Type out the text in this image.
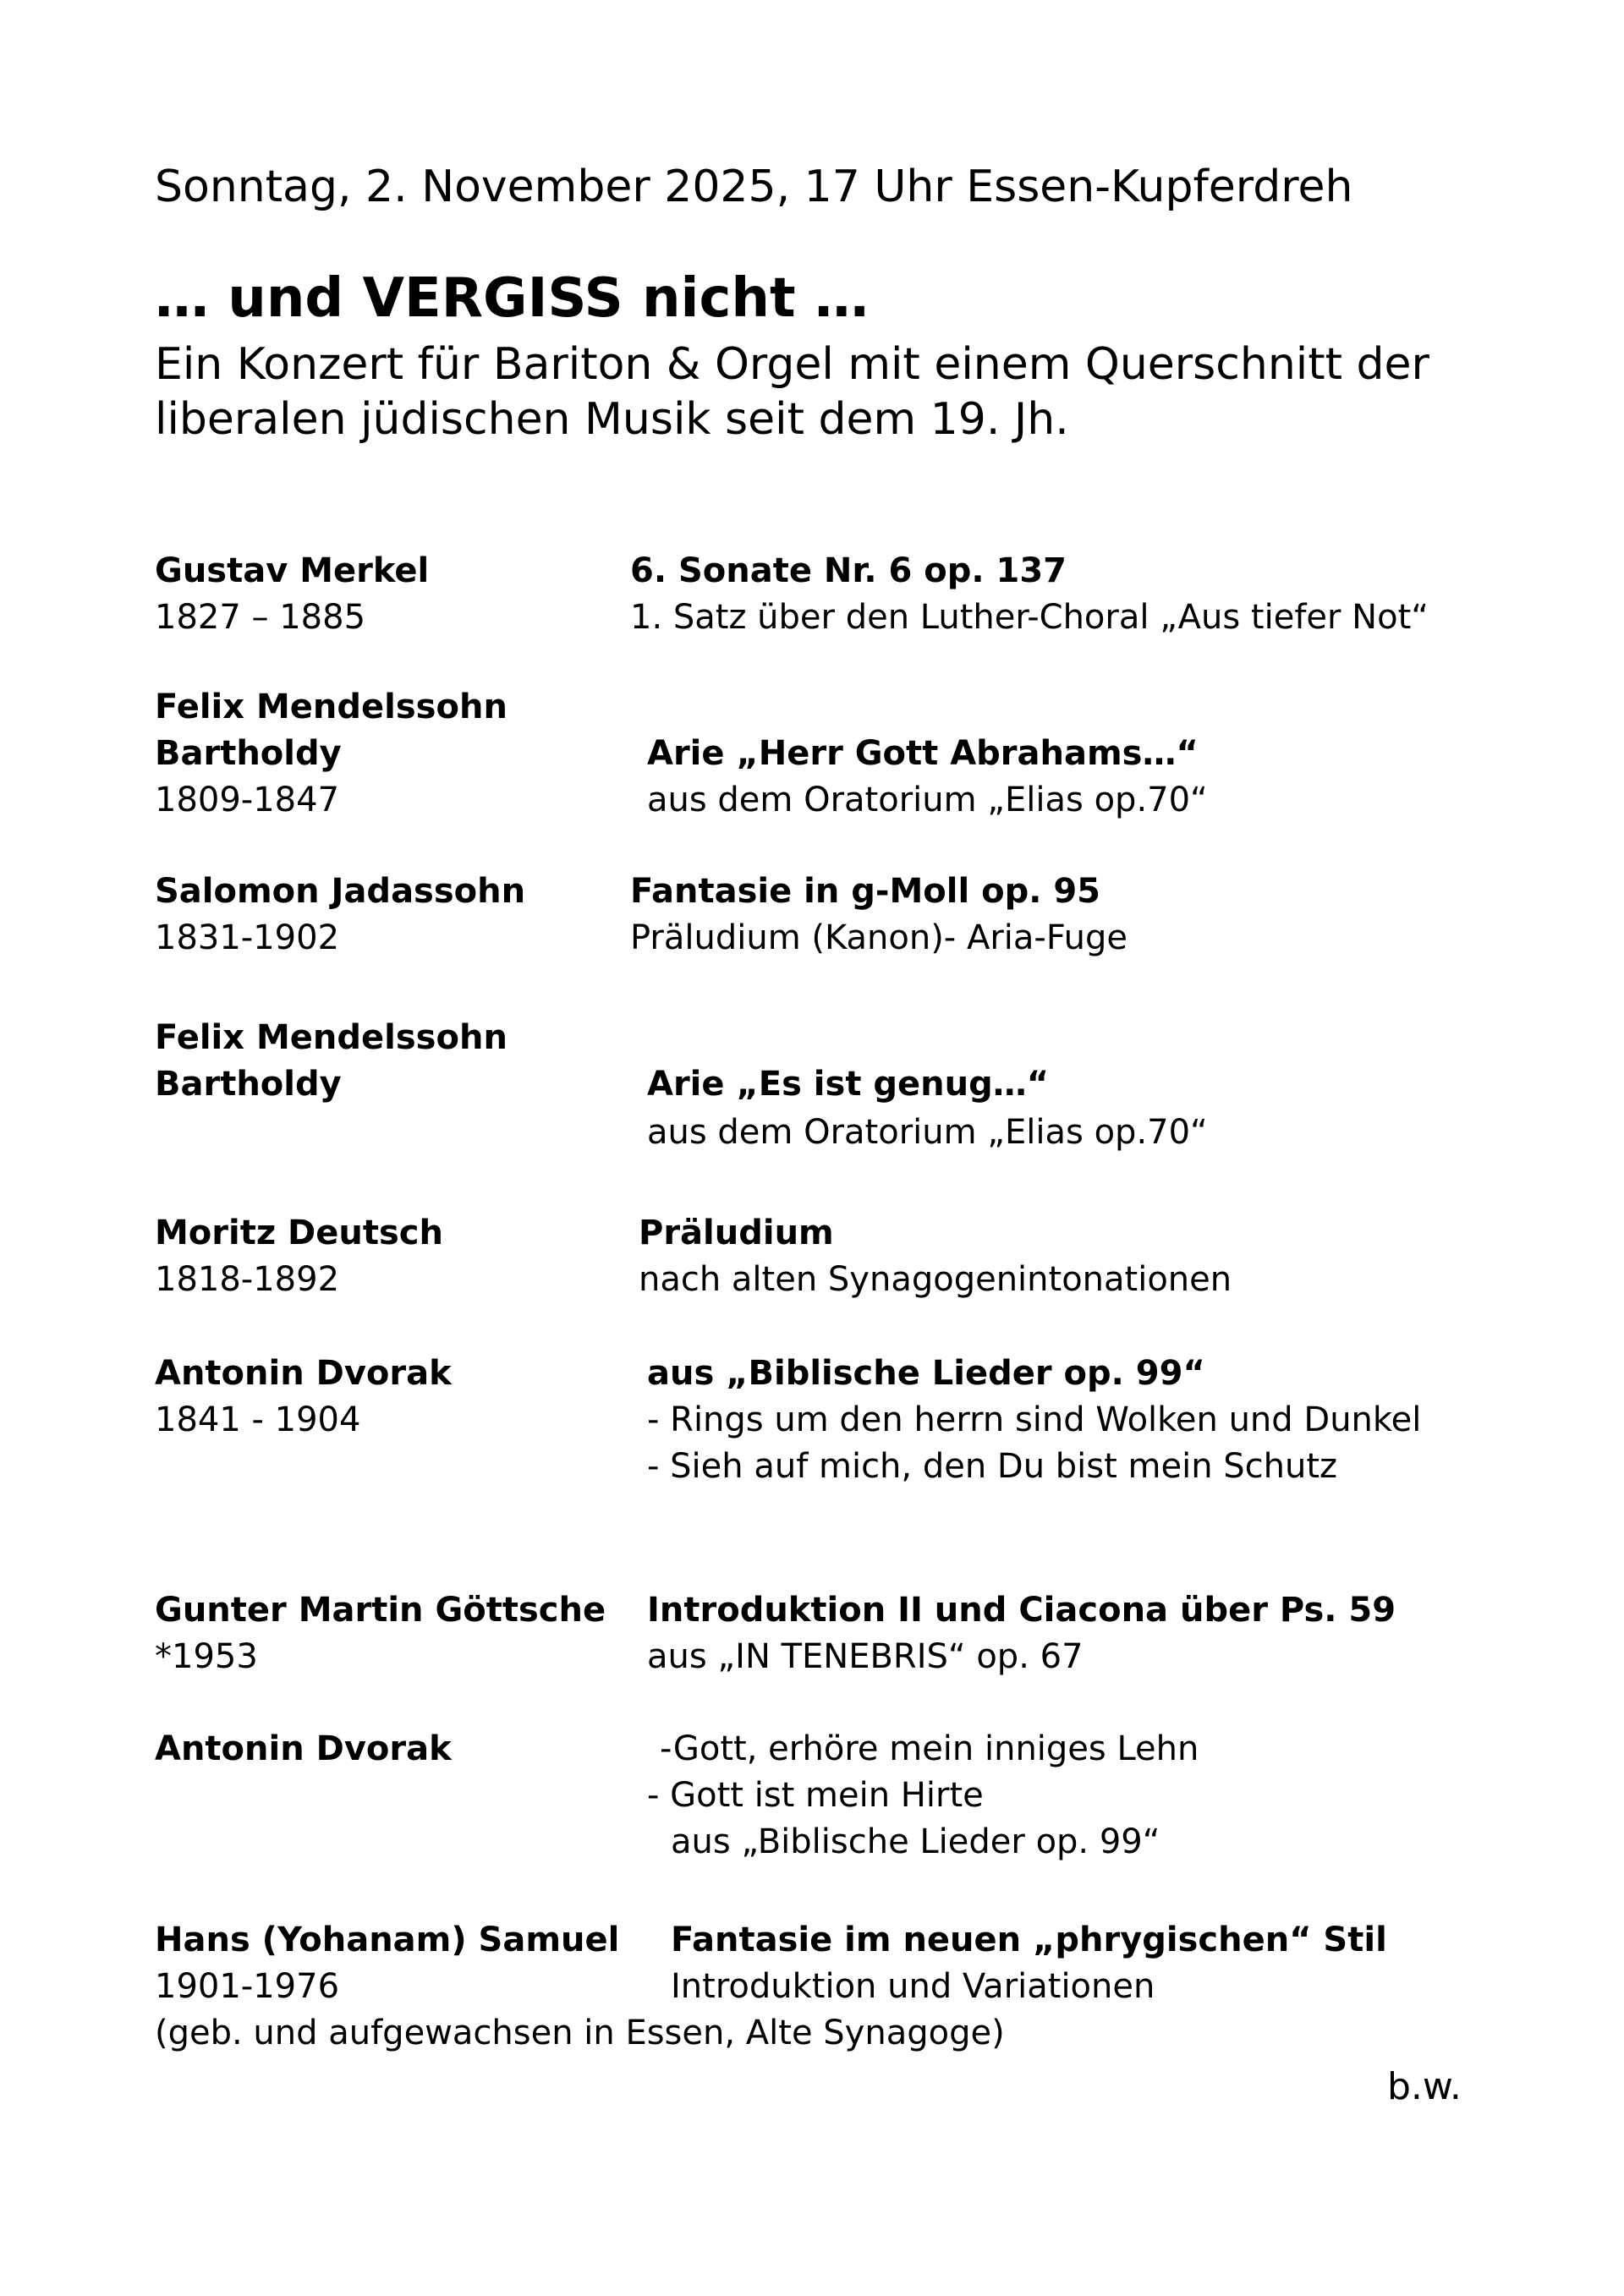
Sonntag, 2. November 2025, 17 Uhr Essen-Kupferdreh
… und VERGISS nicht …
Ein Konzert für Bariton & Orgel mit einem Querschnitt der
liberalen jüdischen Musik seit dem 19. Jh.
Gustav Merkel
1827 – 1885
6. Sonate Nr. 6 op. 137
1. Satz über den Luther-Choral „Aus tiefer Not“
Felix Mendelssohn
Bartholdy
1809-1847
Arie „Herr Gott Abrahams…“
aus dem Oratorium „Elias op.70“
Salomon Jadassohn
1831-1902
Fantasie in g-Moll op. 95
Präludium (Kanon)- Aria-Fuge
Felix Mendelssohn
Bartholdy	Arie „Es ist genug…“
aus dem Oratorium „Elias op.70“
Moritz Deutsch
1818-1892
Präludium
nach alten Synagogenintonationen
Antonin Dvorak
1841 - 1904
aus „Biblische Lieder op. 99“
- Rings um den herrn sind Wolken und Dunkel
- Sieh auf mich, den Du bist mein Schutz
Gunter Martin Göttsche
*1953
Introduktion II und Ciacona über Ps. 59
aus „IN TENEBRIS“ op. 67
Antonin Dvorak	-Gott, erhöre mein inniges Lehn
- Gott ist mein Hirte
aus „Biblische Lieder op. 99“
Hans (Yohanam) Samuel
1901-1976
Fantasie im neuen „phrygischen“ Stil
Introduktion und Variationen
(geb. und aufgewachsen in Essen, Alte Synagoge)
b.w.
